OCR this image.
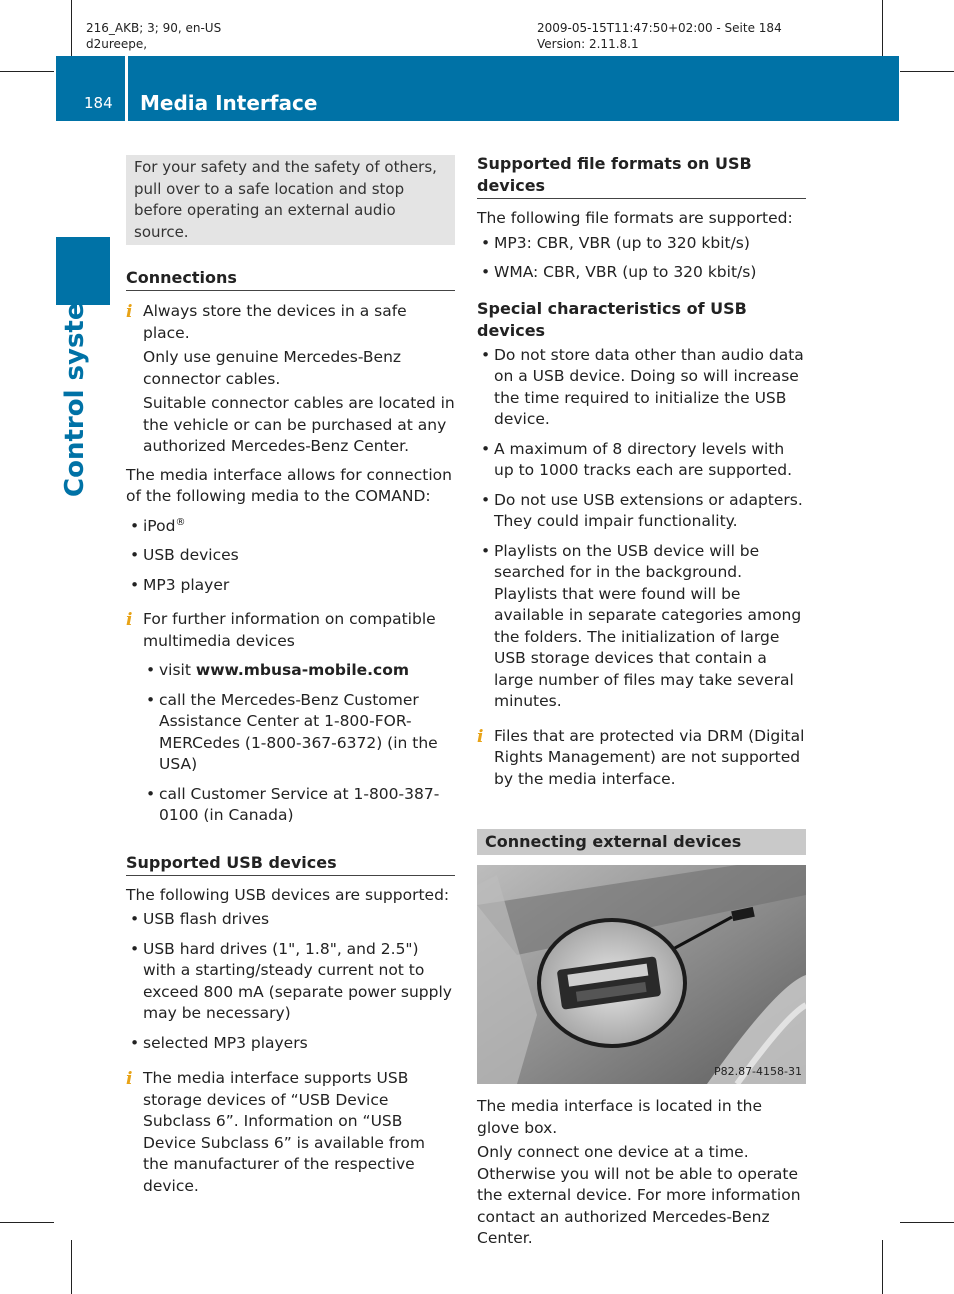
216_AKB; 3; 90, en-US
d2ureepe,
2009-05-15T11:47:50+02:00 - Seite 184
Version: 2.11.8.1
184 Media Interface
Control systems
For your safety and the safety of others, pull over to a safe location and stop before operating an external audio source.
Connections
i Always store the devices in a safe place.

Only use genuine Mercedes-Benz connector cables.

Suitable connector cables are located in the vehicle or can be purchased at any authorized Mercedes-Benz Center.

The media interface allows for connection of the following media to the COMAND:

• iPod®
• USB devices
• MP3 player
i For further information on compatible multimedia devices

• visit www.mbusa-mobile.com
• call the Mercedes-Benz Customer Assistance Center at 1-800-FOR-MERCedes (1-800-367-6372) (in the USA)
• call Customer Service at 1-800-387-0100 (in Canada)
Supported USB devices

The following USB devices are supported:

• USB flash drives
• USB hard drives (1", 1.8", and 2.5") with a starting/steady current not to exceed 800 mA (separate power supply may be necessary)
• selected MP3 players
i The media interface supports USB storage devices of “USB Device Subclass 6”. Information on “USB Device Subclass 6” is available from the manufacturer of the respective device.

Supported file formats on USB devices

The following file formats are supported:

• MP3: CBR, VBR (up to 320 kbit/s)
• WMA: CBR, VBR (up to 320 kbit/s)
Special characteristics of USB devices
• Do not store data other than audio data on a USB device. Doing so will increase the time required to initialize the USB device.
• A maximum of 8 directory levels with up to 1000 tracks each are supported.
• Do not use USB extensions or adapters. They could impair functionality.
• Playlists on the USB device will be searched for in the background. Playlists that were found will be available in separate categories among the folders. The initialization of large USB storage devices that contain a large number of files may take several minutes.
i Files that are protected via DRM (Digital Rights Management) are not supported by the media interface.

Connecting external devices
P82.87-4158-31

The media interface is located in the glove box.

Only connect one device at a time. Otherwise you will not be able to operate the external device. For more information contact an authorized Mercedes-Benz Center.
